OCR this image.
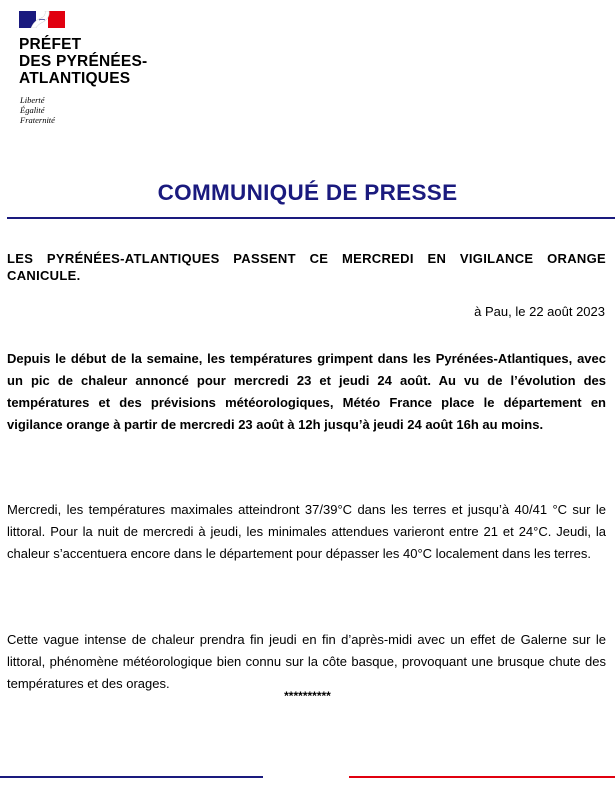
PRÉFET
DES PYRÉNÉES-
ATLANTIQUES
Liberté
Égalité
Fraternité
COMMUNIQUÉ DE PRESSE
LES PYRÉNÉES-ATLANTIQUES PASSENT CE MERCREDI EN VIGILANCE ORANGE CANICULE.
à Pau, le 22 août 2023

Depuis le début de la semaine, les températures grimpent dans les Pyrénées-Atlantiques, avec un pic de chaleur annoncé pour mercredi 23 et jeudi 24 août. Au vu de l’évolution des températures et des prévisions météorologiques, Météo France place le département en vigilance orange à partir de mercredi 23 août à 12h jusqu’à jeudi 24 août 16h au moins.

Mercredi, les températures maximales atteindront 37/39°C dans les terres et jusqu’à 40/41 °C sur le littoral. Pour la nuit de mercredi à jeudi, les minimales attendues varieront entre 21 et 24°C. Jeudi, la chaleur s’accentuera encore dans le département pour dépasser les 40°C localement dans les terres.

Cette vague intense de chaleur prendra fin jeudi en fin d’après-midi avec un effet de Galerne sur le littoral, phénomène météorologique bien connu sur la côte basque, provoquant une brusque chute des températures et des orages.

**********
